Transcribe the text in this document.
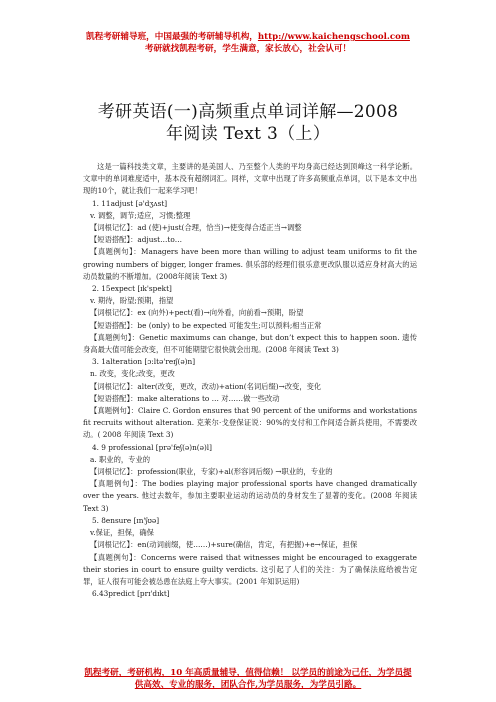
凯程考研辅导班，中国最强的考研辅导机构，http://www.kaichengschool.com
考研就找凯程考研，学生满意，家长放心，社会认可！
考研英语(一)高频重点单词详解—2008
年阅读 Text 3（上）

这是一篇科技类文章，主要讲的是美国人、乃至整个人类的平均身高已经达到顶峰这一科学论断。文章中的单词难度适中，基本没有超纲词汇。同样，文章中出现了许多高频重点单词，以下是本文中出现的10个，就让我们一起来学习吧！

1. 11adjust [ə'dʒʌst]

v. 调整，调节;适应，习惯;整理

【词根记忆】：ad (使)+just(合理，恰当)→使变得合适正当→调整

【短语搭配】：adjust…to…

【真题例句】：Managers have been more than willing to adjust team uniforms to fit the growing numbers of bigger, longer frames. 俱乐部的经理们很乐意更改队服以适应身材高大的运动员数量的不断增加。(2008年阅读 Text 3)

2. 15expect [ɪk'spekt]

v. 期待，盼望;预期，指望

【词根记忆】：ex (向外)+pect(看)→向外看，向前看→预期，盼望

【短语搭配】：be (only) to be expected 可能发生;可以预料;相当正常

【真题例句】：Genetic maximums can change, but don’t expect this to happen soon. 遗传身高最大值可能会改变，但不可能期望它很快就会出现。(2008 年阅读 Text 3)

3. 1alteration [ɔ:ltə'reɪʃ(ə)n]

n. 改变，变化;改变，更改

【词根记忆】：alter(改变，更改，改动)+ation(名词后缀)→改变，变化

【短语搭配】：make alterations to … 对……做一些改动

【真题例句】：Claire C. Gordon ensures that 90 percent of the uniforms and workstations fit recruits without alteration. 克莱尔·戈登保证说：90%的支付和工作间适合新兵使用，不需要改动。( 2008 年阅读 Text 3)

4. 9 professional [prə'feʃ(ə)n(ə)l]

a. 职业的，专业的

【词根记忆】：profession(职业，专家)+al(形容词后缀) →职业的，专业的

【真题例句】：The bodies playing major professional sports have changed dramatically over the years. 他过去数年，参加主要职业运动的运动员的身材发生了显著的变化。(2008 年阅读 Text 3)

5. 8ensure [ɪn'ʃʊə]

v.保证，担保，确保

【词根记忆】：en(动词前缀，使……)+sure(确信，肯定，有把握)+e→保证，担保

【真题例句】：Concerns were raised that witnesses might be encouraged to exaggerate their stories in court to ensure guilty verdicts. 这引起了人们的关注：为了确保法庭给被告定罪，证人很有可能会被怂恿在法庭上夸大事实。(2001 年知识运用)

6.43predict [prɪ'dɪkt]

凯程考研，考研机构，10 年高质量辅导，值得信赖！ 以学员的前途为己任，为学员提
供高效、专业的服务，团队合作,为学员服务，为学员引路。
